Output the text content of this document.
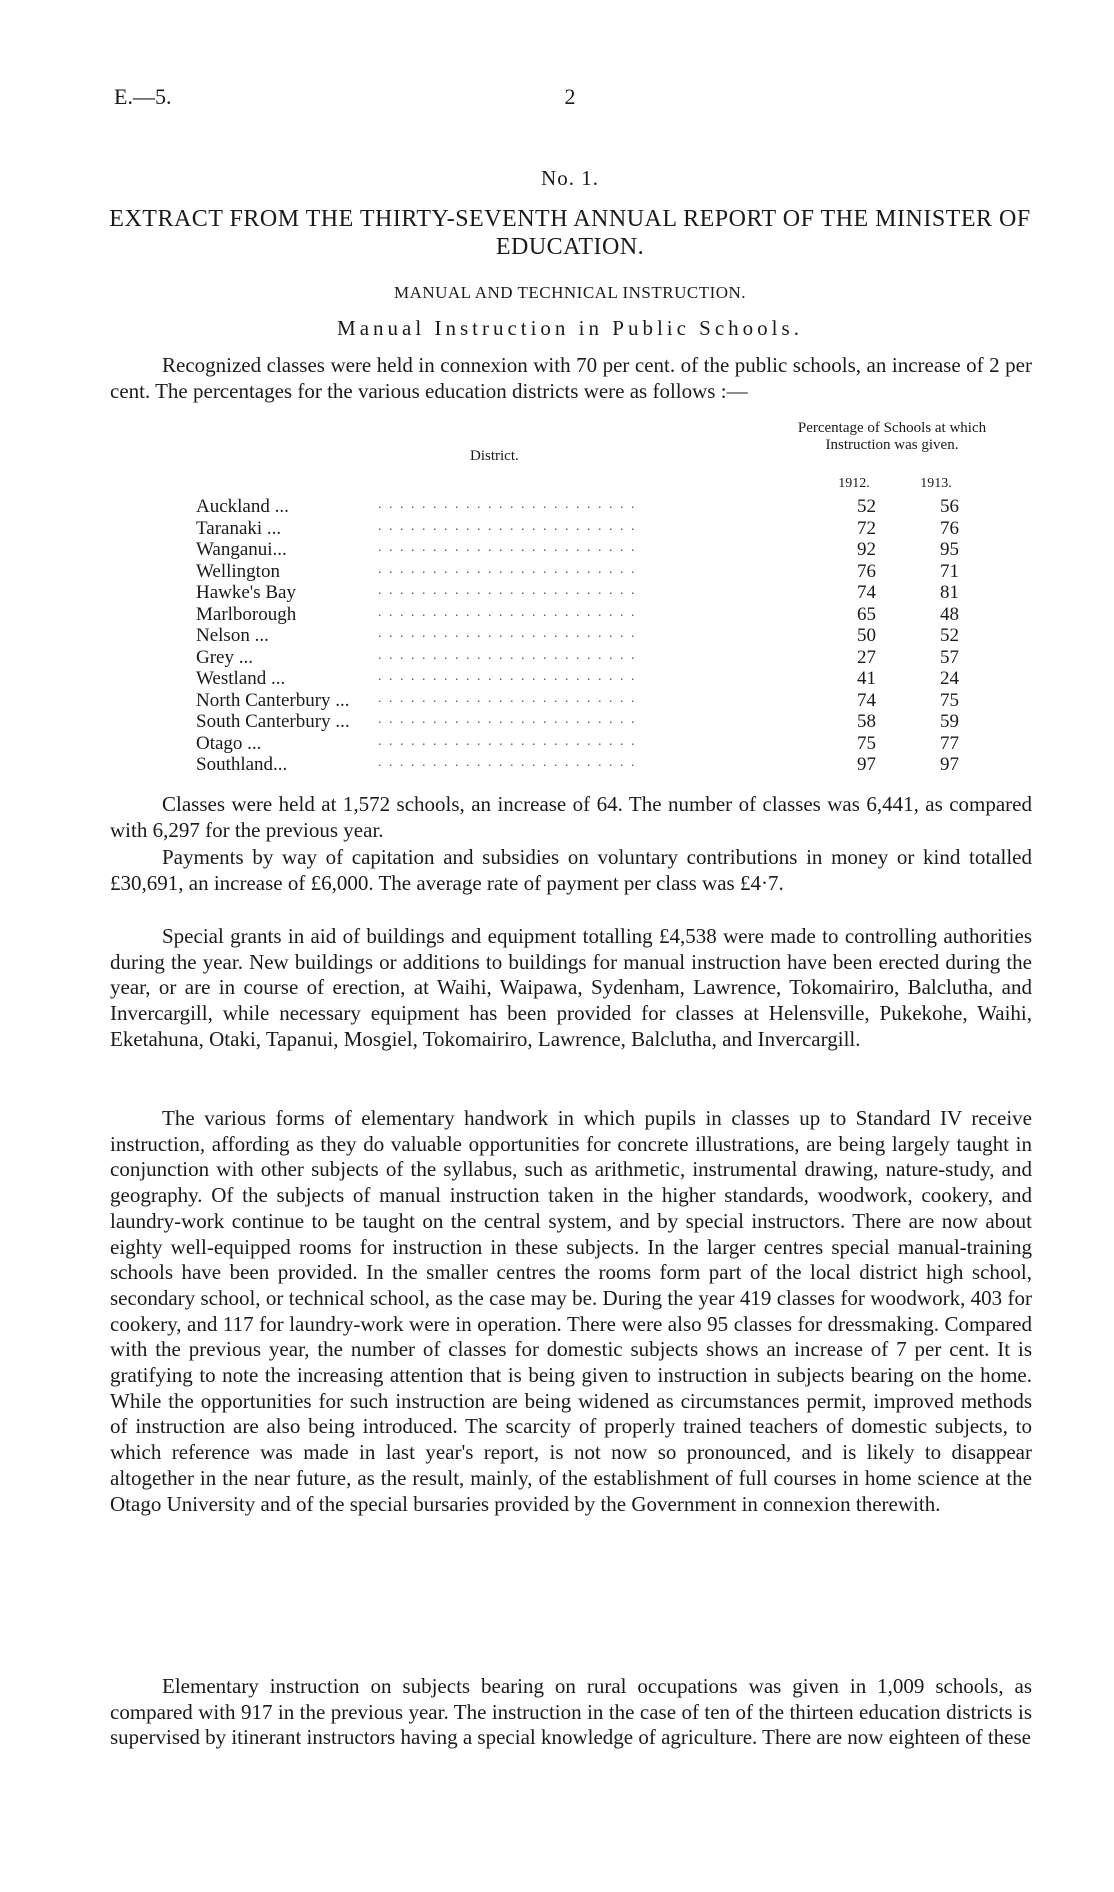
E.—5.	2
No. 1.
EXTRACT FROM THE THIRTY-SEVENTH ANNUAL REPORT OF THE MINISTER OF EDUCATION.
MANUAL AND TECHNICAL INSTRUCTION.
Manual Instruction in Public Schools.

Recognized classes were held in connexion with 70 per cent. of the public schools, an increase of 2 per cent. The percentages for the various education districts were as follows :—

District.
Percentage of Schools at which Instruction was given.
1912.	1913.
Auckland ...	. . . . . . . . . . . . . . . . . . . . . . . .	52	56
Taranaki ...	. . . . . . . . . . . . . . . . . . . . . . . .	72	76
Wanganui...	. . . . . . . . . . . . . . . . . . . . . . . .	92	95
Wellington	. . . . . . . . . . . . . . . . . . . . . . . .	76	71
Hawke's Bay	. . . . . . . . . . . . . . . . . . . . . . . .	74	81
Marlborough	. . . . . . . . . . . . . . . . . . . . . . . .	65	48
Nelson ...	. . . . . . . . . . . . . . . . . . . . . . . .	50	52
Grey ...	. . . . . . . . . . . . . . . . . . . . . . . .	27	57
Westland ...	. . . . . . . . . . . . . . . . . . . . . . . .	41	24
North Canterbury ... . . . . . . . . . . . . . . . . . . . . . . . .	74	75
South Canterbury ... . . . . . . . . . . . . . . . . . . . . . . . .	58	59
Otago ...	. . . . . . . . . . . . . . . . . . . . . . . .	75	77
Southland...	. . . . . . . . . . . . . . . . . . . . . . . .	97	97

Classes were held at 1,572 schools, an increase of 64. The number of classes was 6,441, as compared with 6,297 for the previous year.

Payments by way of capitation and subsidies on voluntary contributions in money or kind totalled £30,691, an increase of £6,000. The average rate of payment per class was £4·7.

Special grants in aid of buildings and equipment totalling £4,538 were made to controlling authorities during the year. New buildings or additions to buildings for manual instruction have been erected during the year, or are in course of erection, at Waihi, Waipawa, Sydenham, Lawrence, Tokomairiro, Balclutha, and Invercargill, while necessary equipment has been provided for classes at Helensville, Pukekohe, Waihi, Eketahuna, Otaki, Tapanui, Mosgiel, Tokomairiro, Lawrence, Balclutha, and Invercargill.

The various forms of elementary handwork in which pupils in classes up to Standard IV receive instruction, affording as they do valuable opportunities for concrete illustrations, are being largely taught in conjunction with other subjects of the syllabus, such as arithmetic, instrumental drawing, nature-study, and geography. Of the subjects of manual instruction taken in the higher standards, woodwork, cookery, and laundry-work continue to be taught on the central system, and by special instructors. There are now about eighty well-equipped rooms for instruction in these subjects. In the larger centres special manual-training schools have been provided. In the smaller centres the rooms form part of the local district high school, secondary school, or technical school, as the case may be. During the year 419 classes for woodwork, 403 for cookery, and 117 for laundry-work were in operation. There were also 95 classes for dressmaking. Compared with the previous year, the number of classes for domestic subjects shows an increase of 7 per cent. It is gratifying to note the increasing attention that is being given to instruction in subjects bearing on the home. While the opportunities for such instruction are being widened as circumstances permit, improved methods of instruction are also being introduced. The scarcity of properly trained teachers of domestic subjects, to which reference was made in last year's report, is not now so pronounced, and is likely to disappear altogether in the near future, as the result, mainly, of the establishment of full courses in home science at the Otago University and of the special bursaries provided by the Government in connexion therewith.

Elementary instruction on subjects bearing on rural occupations was given in 1,009 schools, as compared with 917 in the previous year. The instruction in the case of ten of the thirteen education districts is supervised by itinerant instructors having a special knowledge of agriculture. There are now eighteen of these
